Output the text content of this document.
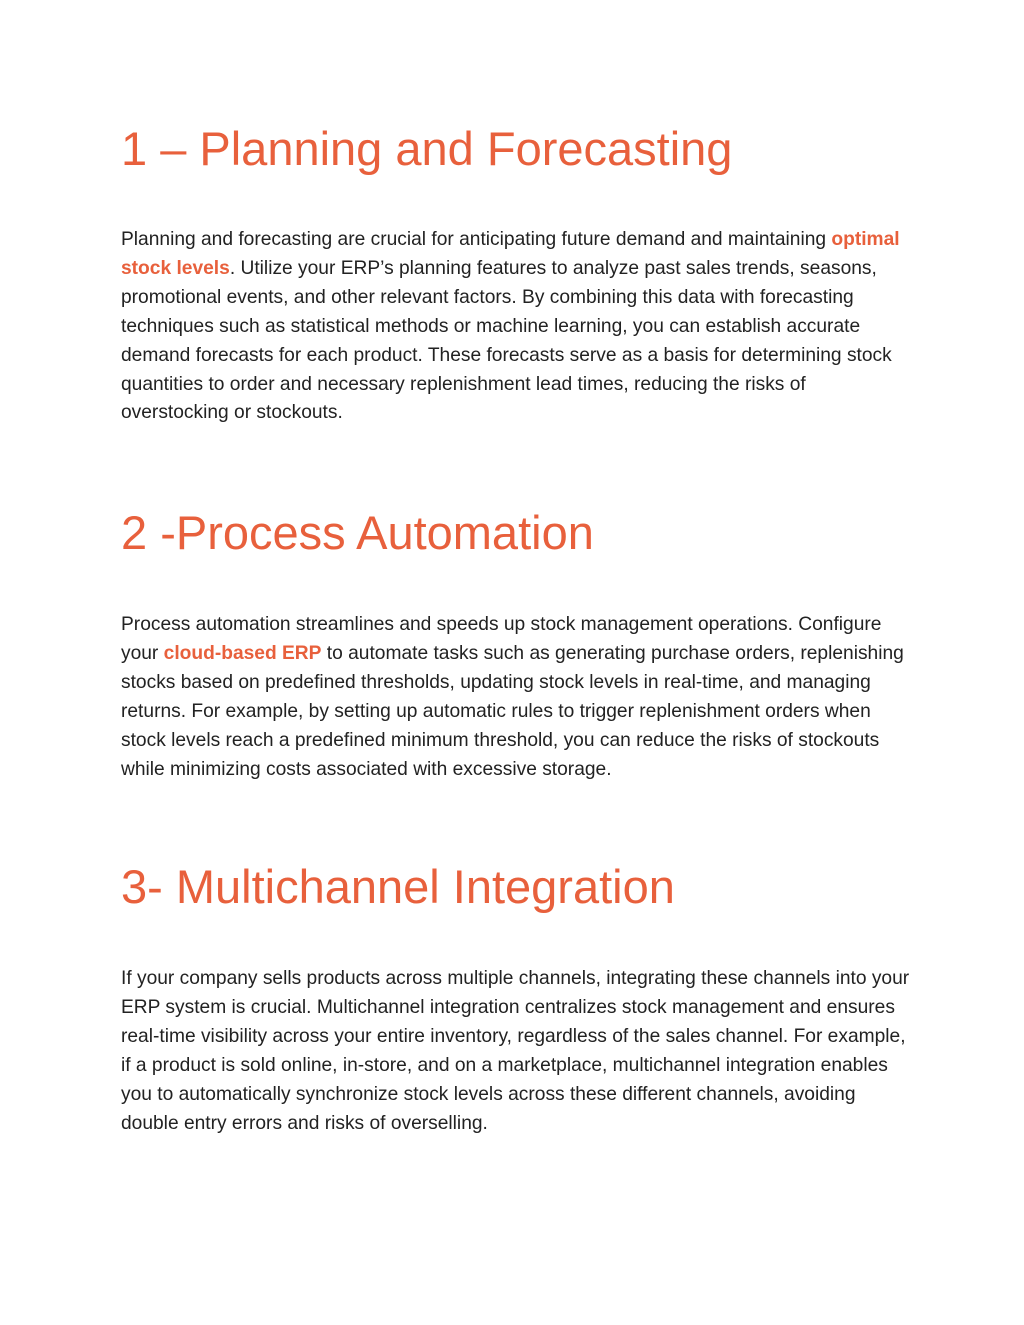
1 – Planning and Forecasting

Planning and forecasting are crucial for anticipating future demand and maintaining optimal stock levels. Utilize your ERP’s planning features to analyze past sales trends, seasons, promotional events, and other relevant factors. By combining this data with forecasting techniques such as statistical methods or machine learning, you can establish accurate demand forecasts for each product. These forecasts serve as a basis for determining stock quantities to order and necessary replenishment lead times, reducing the risks of overstocking or stockouts.

2 -Process Automation

Process automation streamlines and speeds up stock management operations. Configure your cloud-based ERP to automate tasks such as generating purchase orders, replenishing stocks based on predefined thresholds, updating stock levels in real-time, and managing returns. For example, by setting up automatic rules to trigger replenishment orders when stock levels reach a predefined minimum threshold, you can reduce the risks of stockouts while minimizing costs associated with excessive storage.

3- Multichannel Integration

If your company sells products across multiple channels, integrating these channels into your ERP system is crucial. Multichannel integration centralizes stock management and ensures real-time visibility across your entire inventory, regardless of the sales channel. For example, if a product is sold online, in-store, and on a marketplace, multichannel integration enables you to automatically synchronize stock levels across these different channels, avoiding double entry errors and risks of overselling.
